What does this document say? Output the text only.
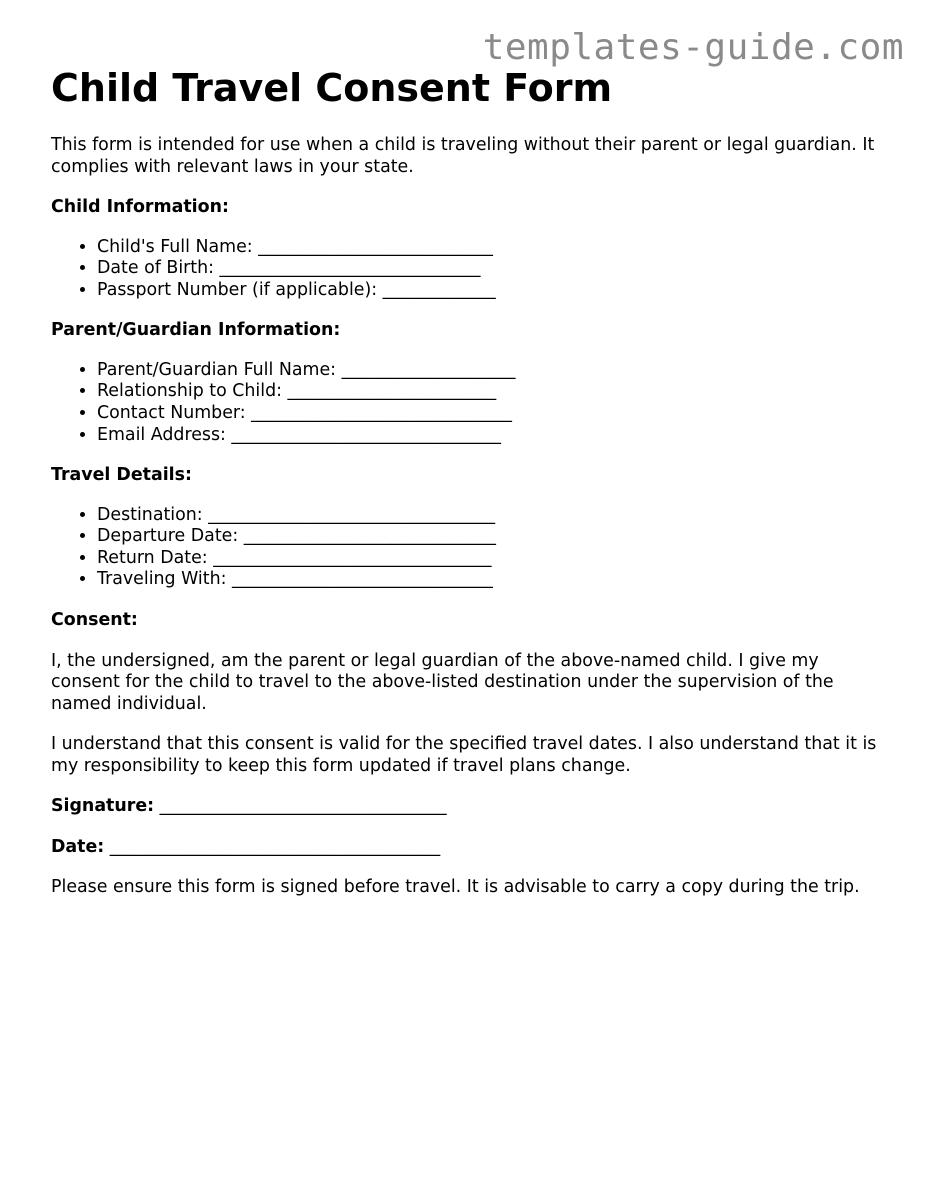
templates-guide.com
Child Travel Consent Form

This form is intended for use when a child is traveling without their parent or legal guardian. It complies with relevant laws in your state.

Child Information:

• Child's Full Name: ___________________________
• Date of Birth: ______________________________
• Passport Number (if applicable): _____________

Parent/Guardian Information:

• Parent/Guardian Full Name: ____________________
• Relationship to Child: ________________________
• Contact Number: ______________________________
• Email Address: _______________________________

Travel Details:

• Destination: _________________________________
• Departure Date: _____________________________
• Return Date: ________________________________
• Traveling With: ______________________________

Consent:

I, the undersigned, am the parent or legal guardian of the above-named child. I give my consent for the child to travel to the above-listed destination under the supervision of the named individual.

I understand that this consent is valid for the specified travel dates. I also understand that it is my responsibility to keep this form updated if travel plans change.

Signature: _________________________________

Date: ______________________________________

Please ensure this form is signed before travel. It is advisable to carry a copy during the trip.
